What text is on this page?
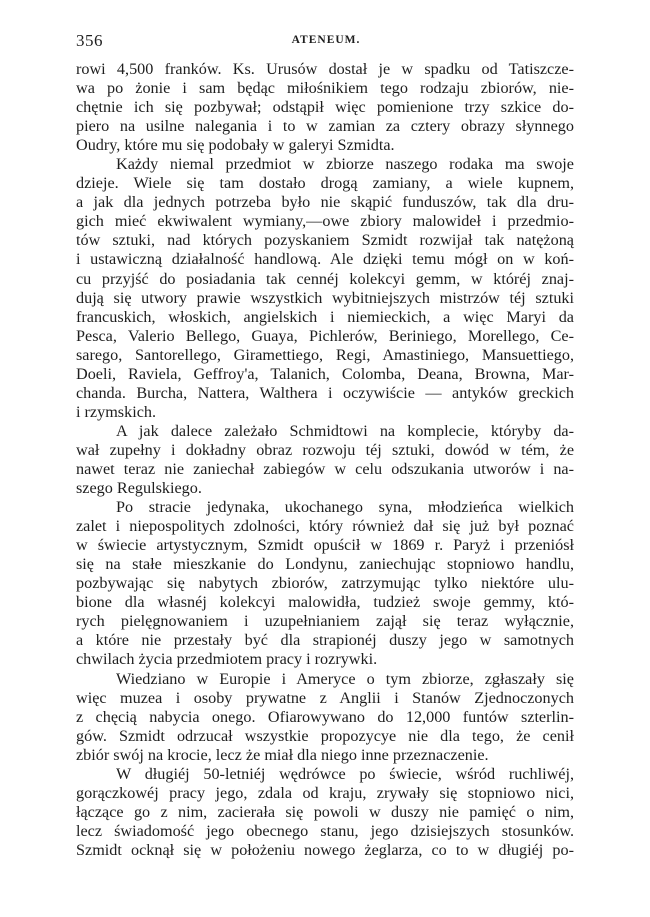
356	ATENEUM.
rowi 4,500 franków. Ks. Urusów dostał je w spadku od Tatiszcze-
wa po żonie i sam będąc miłośnikiem tego rodzaju zbiorów, nie-
chętnie ich się pozbywał; odstąpił więc pomienione trzy szkice do-
piero na usilne nalegania i to w zamian za cztery obrazy słynnego
Oudry, które mu się podobały w galeryi Szmidta.
Każdy niemal przedmiot w zbiorze naszego rodaka ma swoje
dzieje. Wiele się tam dostało drogą zamiany, a wiele kupnem,
a jak dla jednych potrzeba było nie skąpić funduszów, tak dla dru-
gich mieć ekwiwalent wymiany,—owe zbiory malowideł i przedmio-
tów sztuki, nad których pozyskaniem Szmidt rozwijał tak natężoną
i ustawiczną działalność handlową. Ale dzięki temu mógł on w koń-
cu przyjść do posiadania tak cennéj kolekcyi gemm, w któréj znaj-
dują się utwory prawie wszystkich wybitniejszych mistrzów téj sztuki
francuskich, włoskich, angielskich i niemieckich, a więc Maryi da
Pesca, Valerio Bellego, Guaya, Pichlerów, Beriniego, Morellego, Ce-
sarego, Santorellego, Giramettiego, Regi, Amastiniego, Mansuettiego,
Doeli, Raviela, Geffroy'a, Talanich, Colomba, Deana, Browna, Mar-
chanda. Burcha, Nattera, Walthera i oczywiście — antyków greckich
i rzymskich.
A jak dalece zależało Schmidtowi na komplecie, któryby da-
wał zupełny i dokładny obraz rozwoju téj sztuki, dowód w tém, że
nawet teraz nie zaniechał zabiegów w celu odszukania utworów i na-
szego Regulskiego.
Po stracie jedynaka, ukochanego syna, młodzieńca wielkich
zalet i niepospolitych zdolności, który również dał się już był poznać
w świecie artystycznym, Szmidt opuścił w 1869 r. Paryż i przeniósł
się na stałe mieszkanie do Londynu, zaniechując stopniowo handlu,
pozbywając się nabytych zbiorów, zatrzymując tylko niektóre ulu-
bione dla własnéj kolekcyi malowidła, tudzież swoje gemmy, któ-
rych pielęgnowaniem i uzupełnianiem zajął się teraz wyłącznie,
a które nie przestały być dla strapionéj duszy jego w samotnych
chwilach życia przedmiotem pracy i rozrywki.
Wiedziano w Europie i Ameryce o tym zbiorze, zgłaszały się
więc muzea i osoby prywatne z Anglii i Stanów Zjednoczonych
z chęcią nabycia onego. Ofiarowywano do 12,000 funtów szterlin-
gów. Szmidt odrzucał wszystkie propozycye nie dla tego, że cenił
zbiór swój na krocie, lecz że miał dla niego inne przeznaczenie.
W długiéj 50-letniéj wędrówce po świecie, wśród ruchliwéj,
gorączkowéj pracy jego, zdala od kraju, zrywały się stopniowo nici,
łączące go z nim, zacierała się powoli w duszy nie pamięć o nim,
lecz świadomość jego obecnego stanu, jego dzisiejszych stosunków.
Szmidt ocknął się w położeniu nowego żeglarza, co to w długiéj po-
